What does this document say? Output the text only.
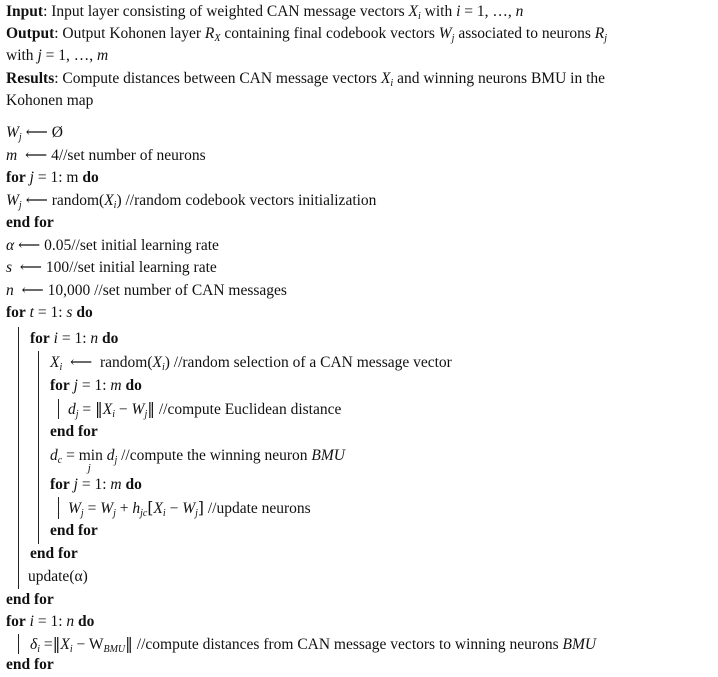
Input: Input layer consisting of weighted CAN message vectors $X_i$ with i = 1, …, n
Output: Output Kohonen layer $R_X$ containing final codebook vectors $W_j$ associated to neurons $R_j$
with j = 1, …, m
Results: Compute distances between CAN message vectors $X_i$ and winning neurons BMU in the
Kohonen map
$W_j$ ⟵ Ø
m ⟵ 4//set number of neurons
for j = 1: m do
$W_j$ ⟵ $random(X_i)$ //random codebook vectors initialization
end for
α ⟵ 0.05//set initial learning rate
s ⟵ 100//set initial learning rate
n ⟵ 10,000 //set number of CAN messages
for t = 1: s do
for i = 1: n do
$X_i$ ⟵  $random(X_i)$ //random selection of a CAN message vector
for j = 1: m do
$d_j$ = $‖X_i$ − $W_j‖$ //compute Euclidean distance
end for
$d_c = \min$
j
$d_j$ //compute the winning neuron BMU
for j = 1: m do
$W_j = W_j + h_{jc}[X_i - W_j]$ //update neurons
end for
end for
update(α)
end for
for i = 1: n do
$\delta_i$ $=‖X_i$ − $W_{BMU}‖$ //compute distances from CAN message vectors to winning neurons BMU
end for
